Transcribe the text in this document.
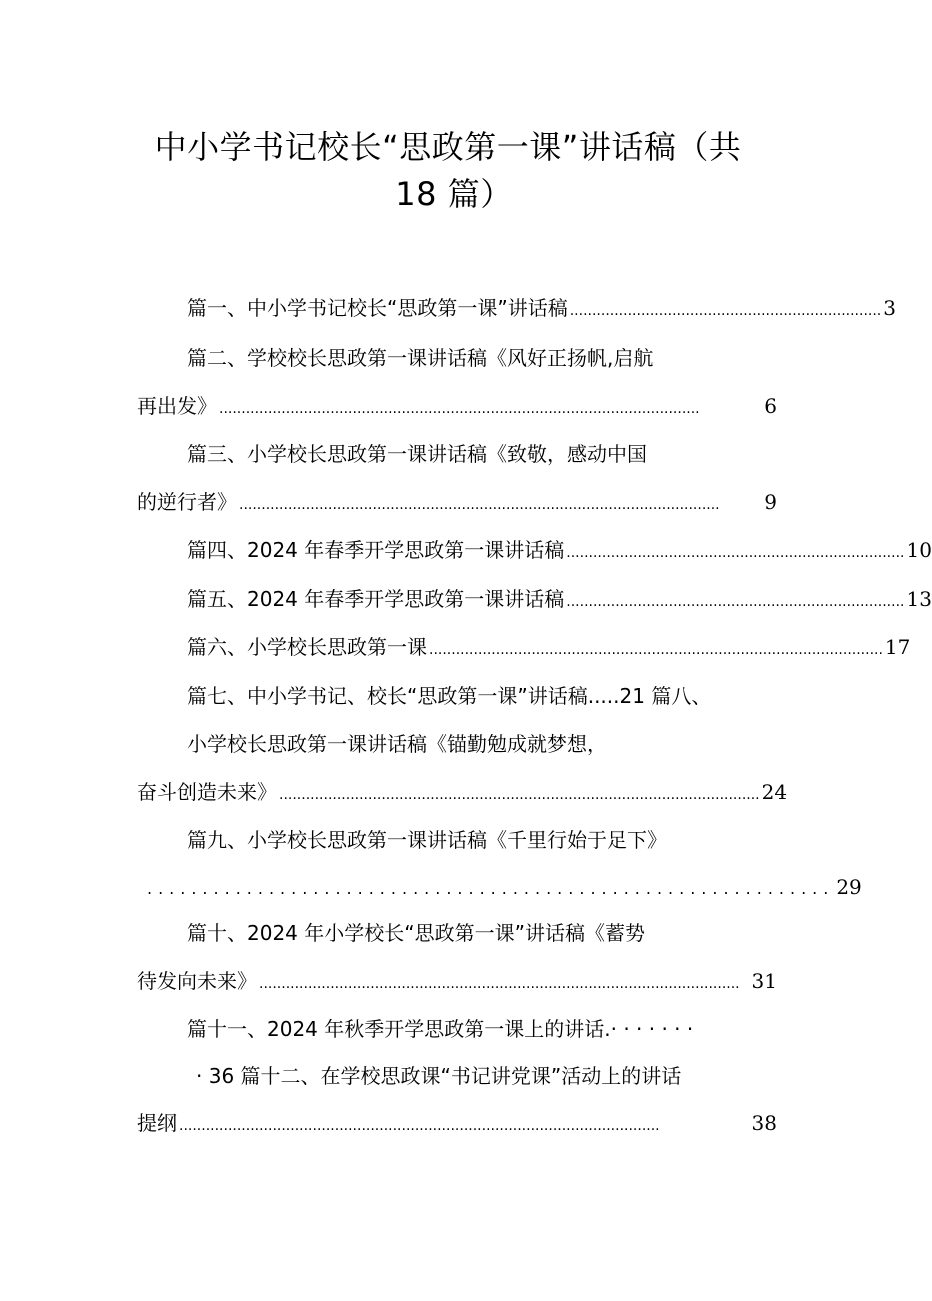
中小学书记校长“思政第一课”讲话稿（共
18 篇）
篇一、中小学书记校长“思政第一课”讲话稿 ...................................................................... 3
篇二、学校校长思政第一课讲话稿《风好正扬帆,启航
再出发》 ............................................................................................................	6
篇三、小学校长思政第一课讲话稿《致敬，感动中国
的逆行者》 ............................................................................................................	9
篇四、2024 年春季开学思政第一课讲话稿 ............................................................................ 10
篇五、2024 年春季开学思政第一课讲话稿 ............................................................................ 13
篇六、小学校长思政第一课 ...................................................................................................... 17
篇七、中小学书记、校长“思政第一课”讲话稿.....21 篇八、
小学校长思政第一课讲话稿《锚勤勉成就梦想，
奋斗创造未来》 ............................................................................................................ 24
篇九、小学校长思政第一课讲话稿《千里行始于足下》
.............................................................. 29
篇十、2024 年小学校长“思政第一课”讲话稿《蓄势
待发向未来》 ............................................................................................................ 31
篇十一、2024 年秋季开学思政第一课上的讲话.· · · · · · ·
· 36 篇十二、在学校思政课“书记讲党课”活动上的讲话
提纲 ............................................................................................................	38
